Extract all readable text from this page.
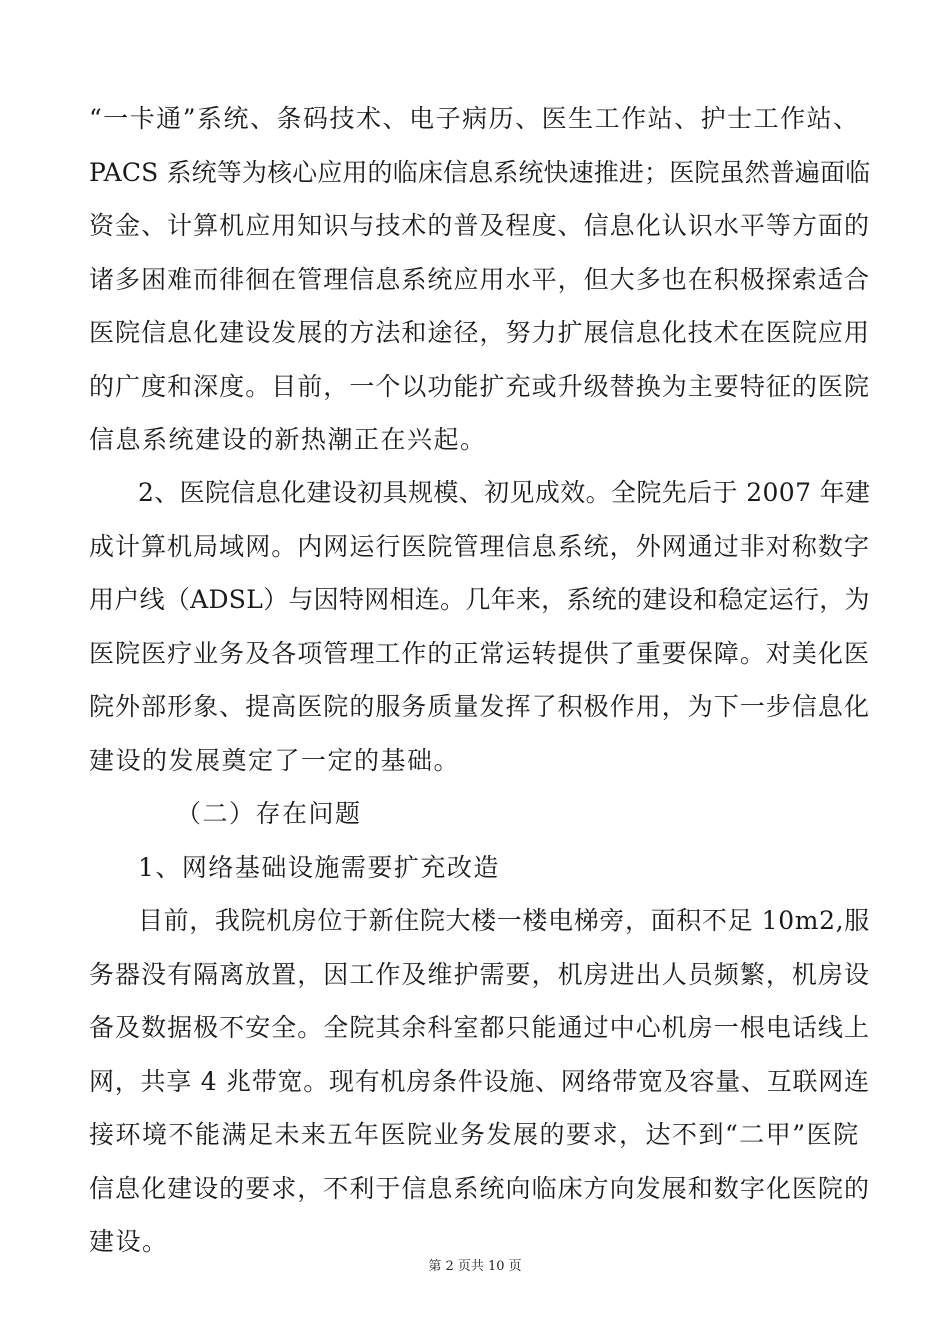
“一卡通”系统、条码技术、电子病历、医生工作站、护士工作站、
PACS 系统等为核心应用的临床信息系统快速推进；医院虽然普遍面临
资金、计算机应用知识与技术的普及程度、信息化认识水平等方面的
诸多困难而徘徊在管理信息系统应用水平，但大多也在积极探索适合
医院信息化建设发展的方法和途径，努力扩展信息化技术在医院应用
的广度和深度。目前，一个以功能扩充或升级替换为主要特征的医院
信息系统建设的新热潮正在兴起。
2、医院信息化建设初具规模、初见成效。全院先后于 2007 年建
成计算机局域网。内网运行医院管理信息系统，外网通过非对称数字
用户线（ADSL）与因特网相连。几年来，系统的建设和稳定运行，为
医院医疗业务及各项管理工作的正常运转提供了重要保障。对美化医
院外部形象、提高医院的服务质量发挥了积极作用，为下一步信息化
建设的发展奠定了一定的基础。
（二）存在问题
1、网络基础设施需要扩充改造
目前，我院机房位于新住院大楼一楼电梯旁，面积不足 10m2,服
务器没有隔离放置，因工作及维护需要，机房进出人员频繁，机房设
备及数据极不安全。全院其余科室都只能通过中心机房一根电话线上
网，共享 4 兆带宽。现有机房条件设施、网络带宽及容量、互联网连
接环境不能满足未来五年医院业务发展的要求，达不到“二甲”医院
信息化建设的要求，不利于信息系统向临床方向发展和数字化医院的
建设。
第 2 页共 10 页
